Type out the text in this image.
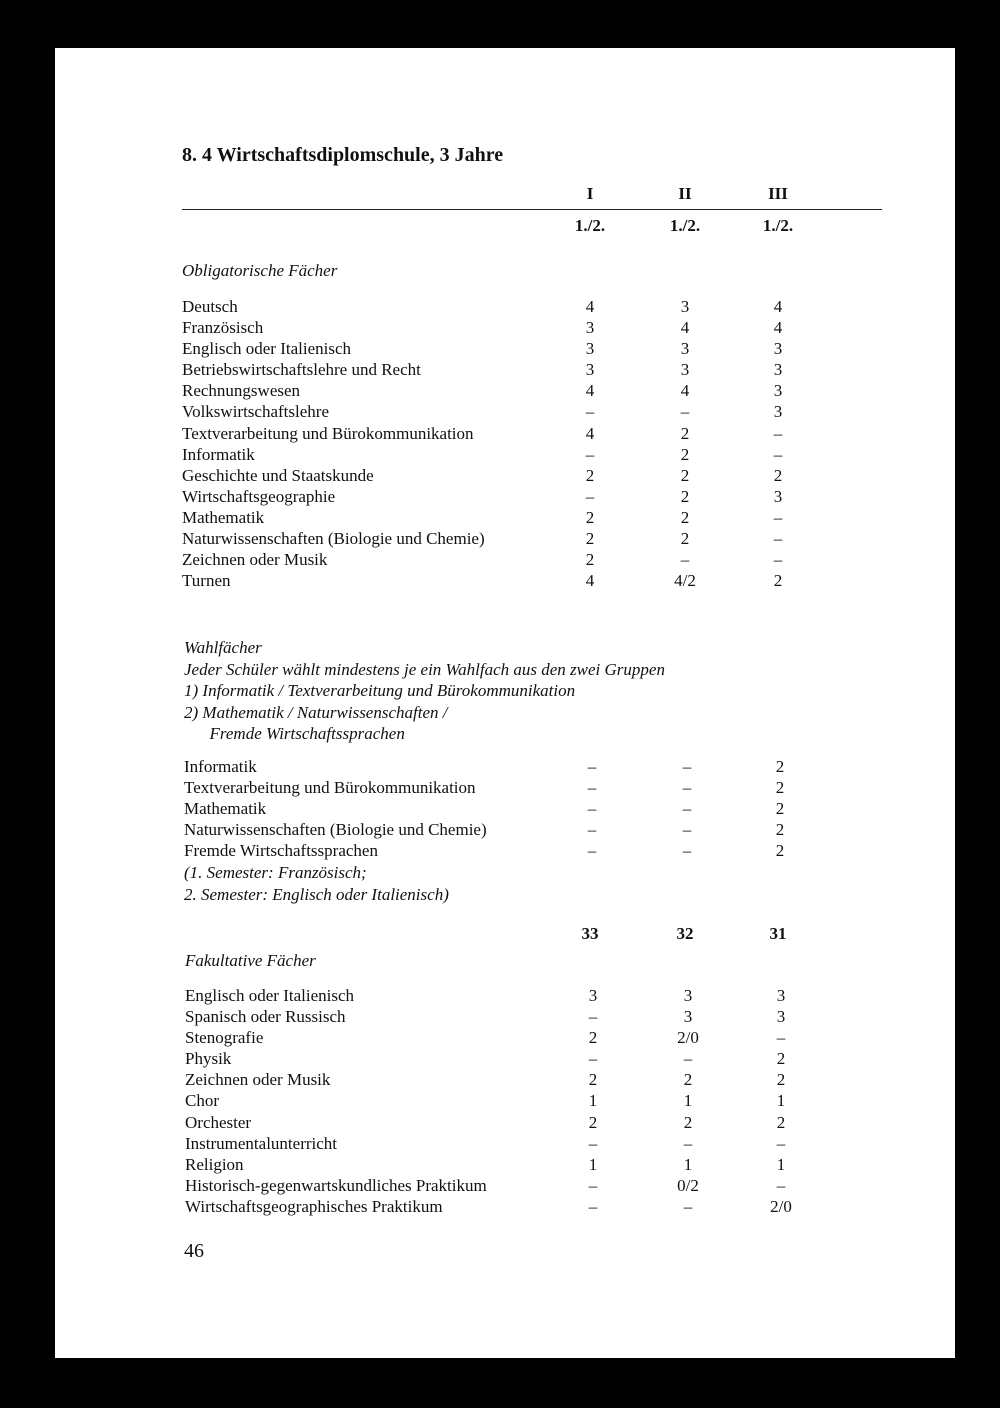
8. 4 Wirtschaftsdiplomschule, 3 Jahre
I	II	III
1./2.	1./2.	1./2.
Obligatorische Fächer
Deutsch	4	3	4
Französisch	3	4	4
Englisch oder Italienisch	3	3	3
Betriebswirtschaftslehre und Recht	3	3	3
Rechnungswesen	4	4	3
Volkswirtschaftslehre	–	–	3
Textverarbeitung und Bürokommunikation	4	2	–
Informatik	–	2	–
Geschichte und Staatskunde	2	2	2
Wirtschaftsgeographie	–	2	3
Mathematik	2	2	–
Naturwissenschaften (Biologie und Chemie)	2	2	–
Zeichnen oder Musik	2	–	–
Turnen	4	4/2	2
Wahlfächer
Jeder Schüler wählt mindestens je ein Wahlfach aus den zwei Gruppen
1) Informatik / Textverarbeitung und Bürokommunikation
2) Mathematik / Naturwissenschaften /
Fremde Wirtschaftssprachen
Informatik	–	–	2
Textverarbeitung und Bürokommunikation	–	–	2
Mathematik	–	–	2
Naturwissenschaften (Biologie und Chemie)	–	–	2
Fremde Wirtschaftssprachen	–	–	2
(1. Semester: Französisch;
2. Semester: Englisch oder Italienisch)
33	32	31
Fakultative Fächer
Englisch oder Italienisch	3	3	3
Spanisch oder Russisch	–	3	3
Stenografie	2	2/0	–
Physik	–	–	2
Zeichnen oder Musik	2	2	2
Chor	1	1	1
Orchester	2	2	2
Instrumentalunterricht	–	–	–
Religion	1	1	1
Historisch-gegenwartskundliches Praktikum	–	0/2	–
Wirtschaftsgeographisches Praktikum	–	–	2/0
46
